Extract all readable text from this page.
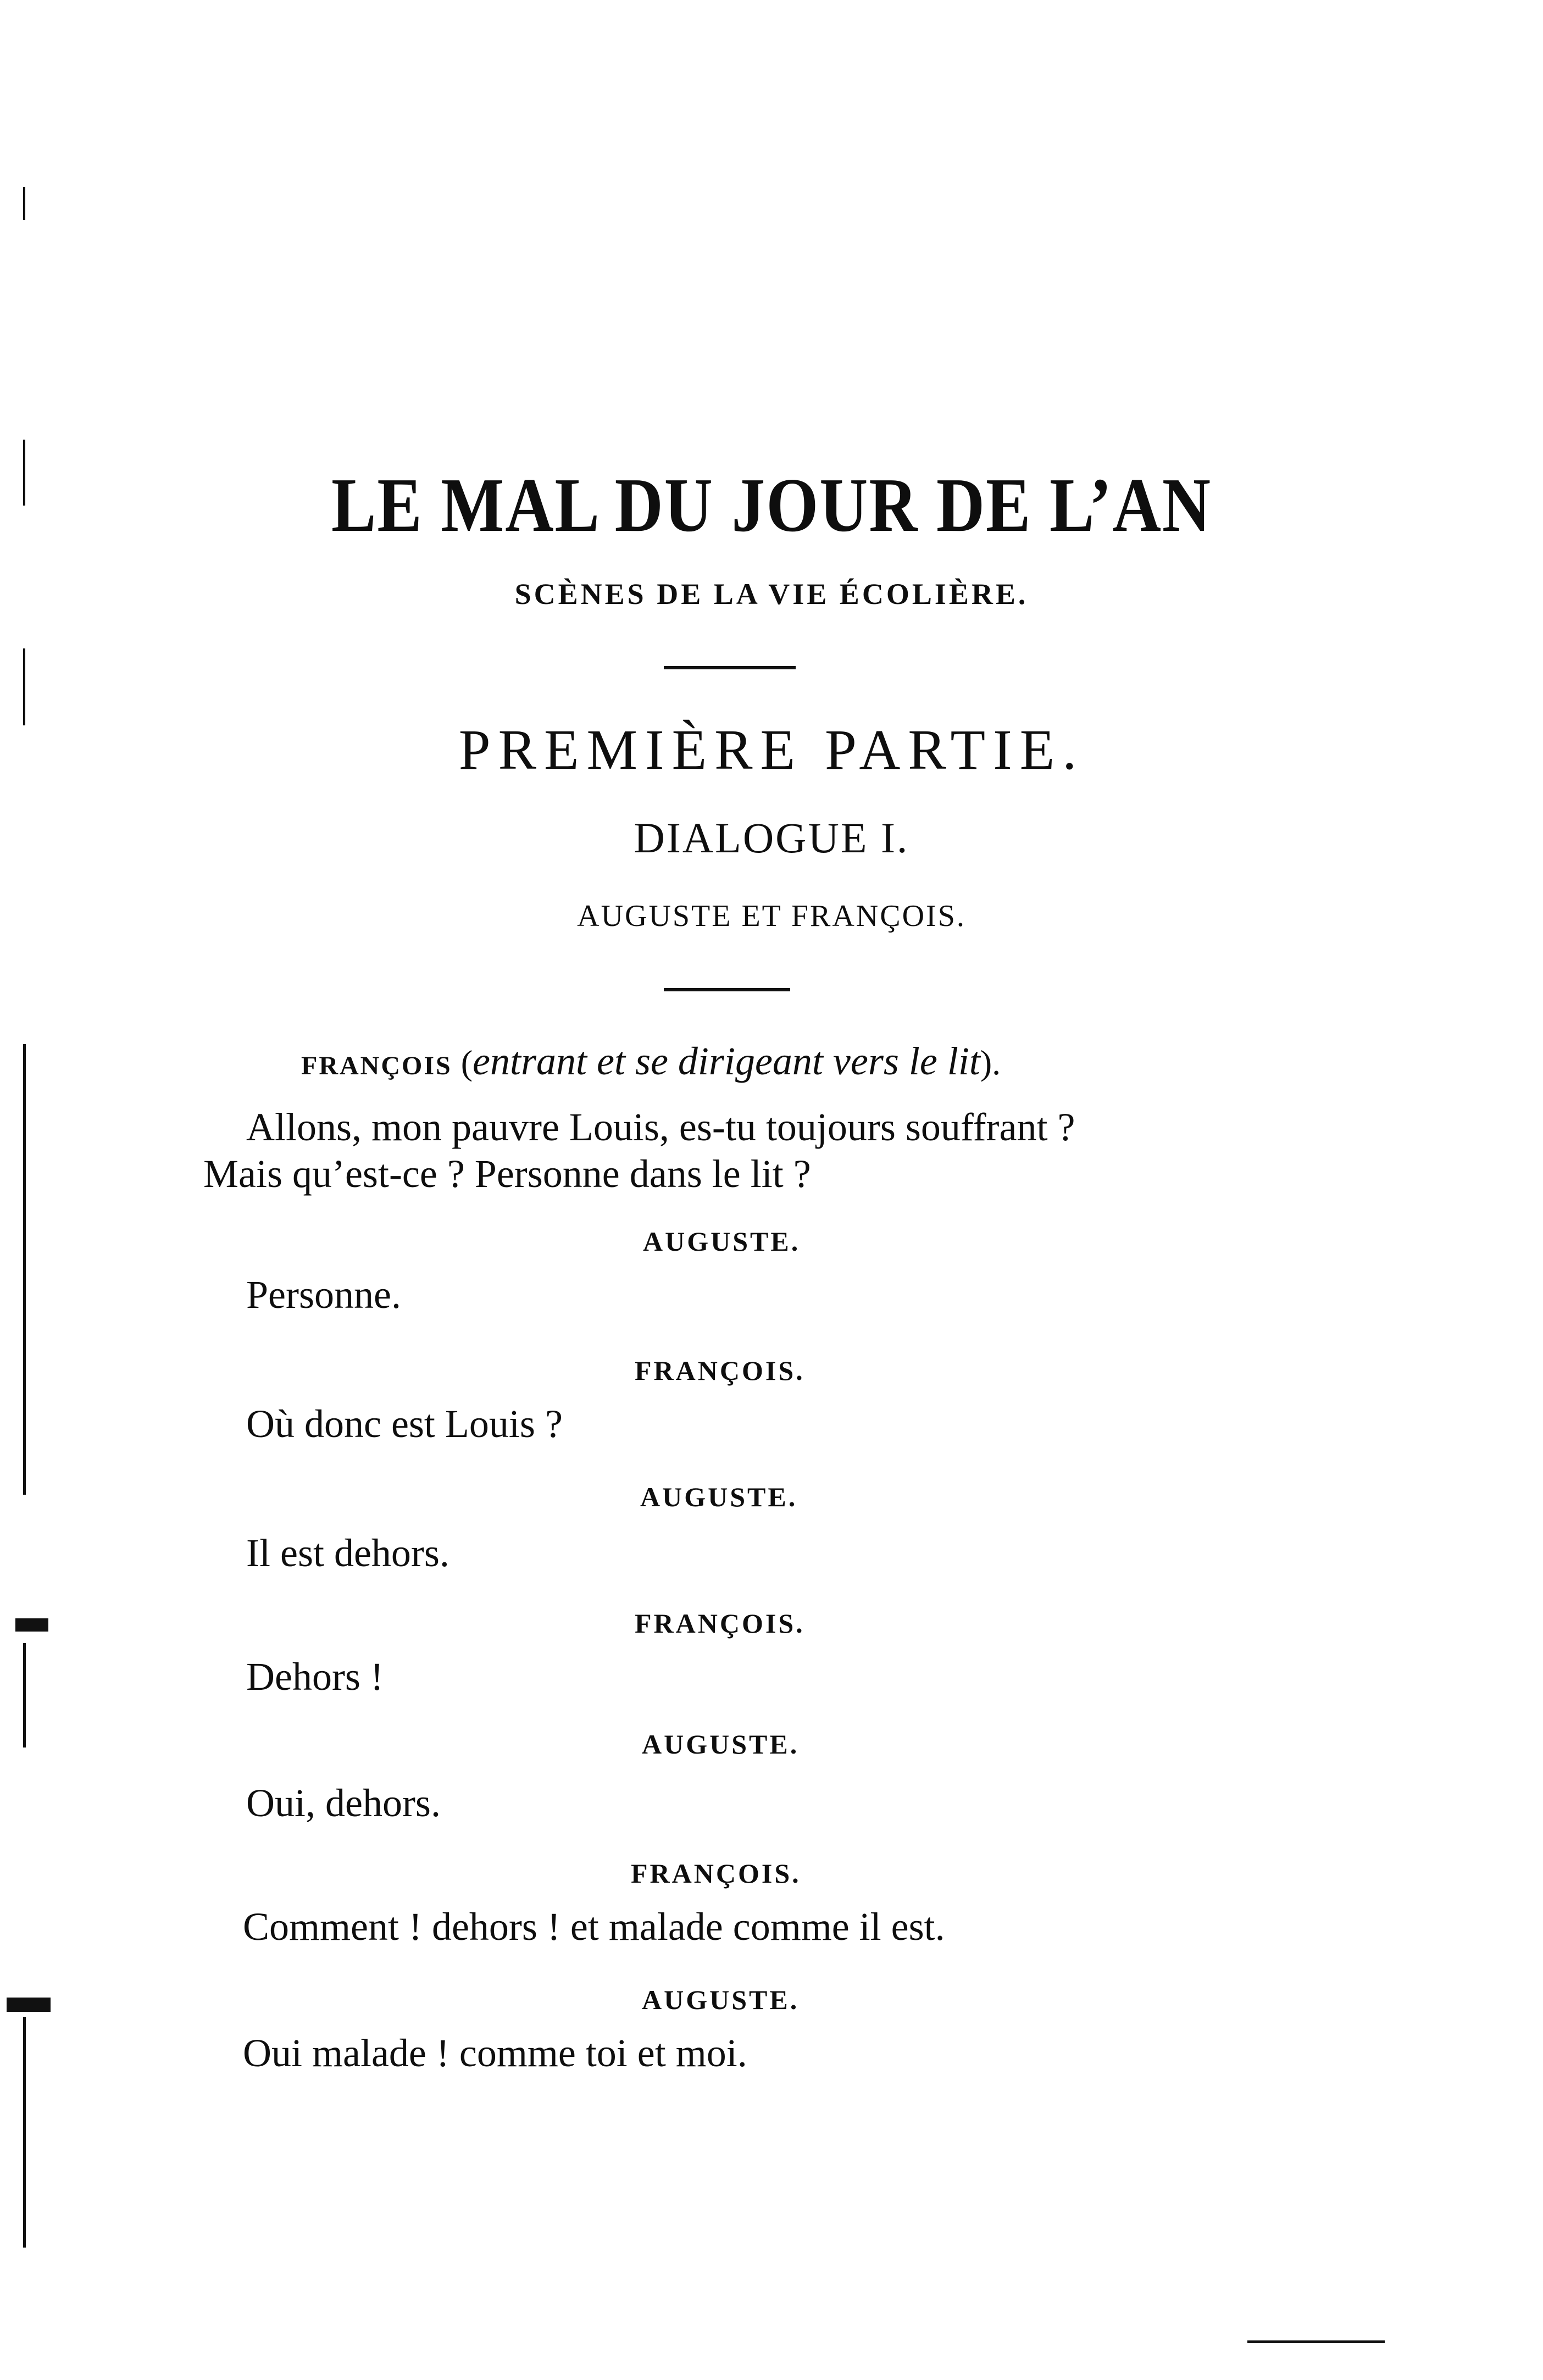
LE MAL DU JOUR DE L’AN
SCÈNES DE LA VIE ÉCOLIÈRE.
PREMIÈRE PARTIE.
DIALOGUE I.
AUGUSTE ET FRANÇOIS.
FRANÇOIS (entrant et se dirigeant vers le lit).
Allons, mon pauvre Louis, es-tu toujours souffrant ?
Mais qu’est-ce ? Personne dans le lit ?
AUGUSTE.
Personne.
FRANÇOIS.
Où donc est Louis ?
AUGUSTE.
Il est dehors.
FRANÇOIS.
Dehors !
AUGUSTE.
Oui, dehors.
FRANÇOIS.
Comment ! dehors ! et malade comme il est.
AUGUSTE.
Oui malade ! comme toi et moi.
